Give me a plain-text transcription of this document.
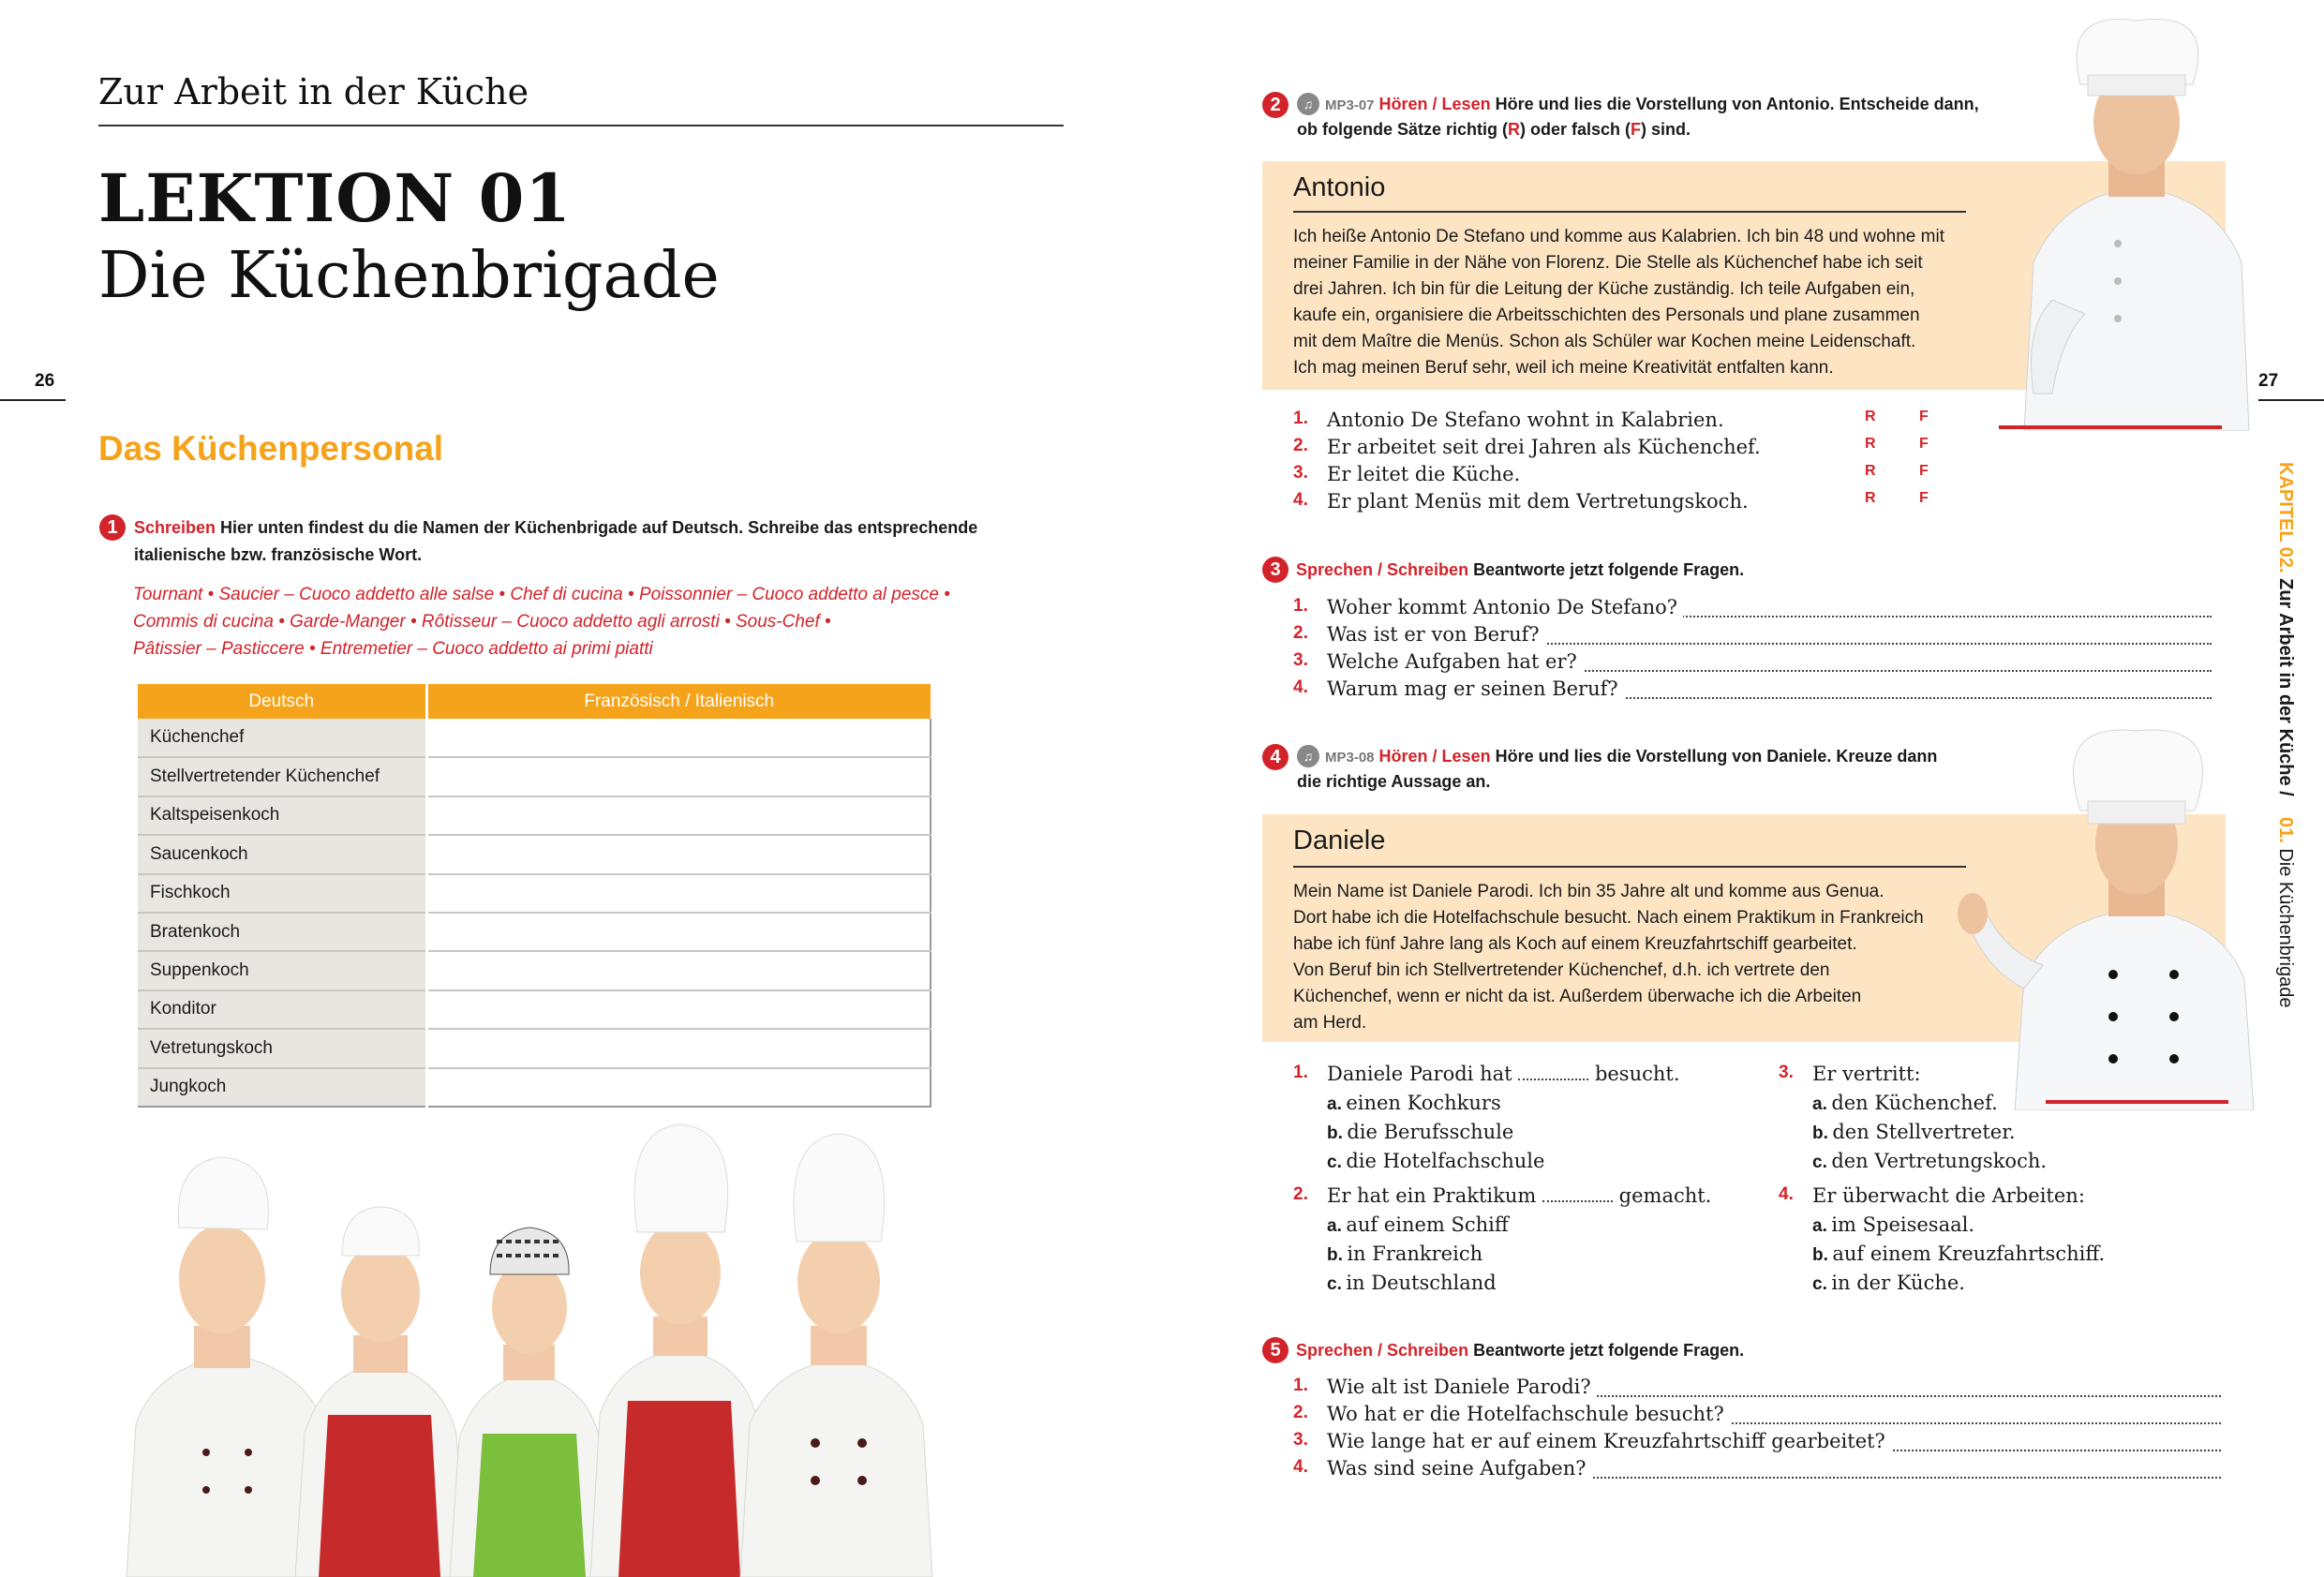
Zur Arbeit in der Küche
LEKTION 01
Die Küchenbrigade
26
Das Küchenpersonal
1 Schreiben Hier unten findest du die Namen der Küchenbrigade auf Deutsch. Schreibe das entsprechende
italienische bzw. französische Wort.
Tournant • Saucier – Cuoco addetto alle salse • Chef di cucina • Poissonnier – Cuoco addetto al pesce •
Commis di cucina • Garde-Manger • Rôtisseur – Cuoco addetto agli arrosti • Sous-Chef •
Pâtissier – Pasticcere • Entremetier – Cuoco addetto ai primi piatti
Deutsch	Französisch / Italienisch
Küchenchef	
Stellvertretender Küchenchef	
Kaltspeisenkoch	
Saucenkoch	
Fischkoch	
Bratenkoch	
Suppenkoch	
Konditor	
Vetretungskoch	
Jungkoch	
27
KAPITEL 02. Zur Arbeit in der Küche /    01. Die Küchenbrigade
2	♫ MP3-07 Hören / Lesen Höre und lies die Vorstellung von Antonio. Entscheide dann,
ob folgende Sätze richtig (R) oder falsch (F) sind.
Antonio
Ich heiße Antonio De Stefano und komme aus Kalabrien. Ich bin 48 und wohne mit
meiner Familie in der Nähe von Florenz. Die Stelle als Küchenchef habe ich seit
drei Jahren. Ich bin für die Leitung der Küche zuständig. Ich teile Aufgaben ein,
kaufe ein, organisiere die Arbeitsschichten des Personals und plane zusammen
mit dem Maître die Menüs. Schon als Schüler war Kochen meine Leidenschaft.
Ich mag meinen Beruf sehr, weil ich meine Kreativität entfalten kann.
1. Antonio De Stefano wohnt in Kalabrien.	R	F
2. Er arbeitet seit drei Jahren als Küchenchef.	R	F
3. Er leitet die Küche.	R	F
4. Er plant Menüs mit dem Vertretungskoch.	R	F
3 Sprechen / Schreiben Beantworte jetzt folgende Fragen.
1. Woher kommt Antonio De Stefano?
2. Was ist er von Beruf?
3. Welche Aufgaben hat er?
4. Warum mag er seinen Beruf?
4	♫ MP3-08 Hören / Lesen Höre und lies die Vorstellung von Daniele. Kreuze dann
die richtige Aussage an.
Daniele
Mein Name ist Daniele Parodi. Ich bin 35 Jahre alt und komme aus Genua.
Dort habe ich die Hotelfachschule besucht. Nach einem Praktikum in Frankreich
habe ich fünf Jahre lang als Koch auf einem Kreuzfahrtschiff gearbeitet.
Von Beruf bin ich Stellvertretender Küchenchef, d.h. ich vertrete den
Küchenchef, wenn er nicht da ist. Außerdem überwache ich die Arbeiten
am Herd.
1. Daniele Parodi hat	besucht.
a. einen Kochkurs
b. die Berufsschule
c. die Hotelfachschule
2. Er hat ein Praktikum	gemacht.
a. auf einem Schiff
b. in Frankreich
c. in Deutschland
3. Er vertritt:
a. den Küchenchef.
b. den Stellvertreter.
c. den Vertretungskoch.
4. Er überwacht die Arbeiten:
a. im Speisesaal.
b. auf einem Kreuzfahrtschiff.
c. in der Küche.
5 Sprechen / Schreiben Beantworte jetzt folgende Fragen.
1. Wie alt ist Daniele Parodi?
2. Wo hat er die Hotelfachschule besucht?
3. Wie lange hat er auf einem Kreuzfahrtschiff gearbeitet?
4. Was sind seine Aufgaben?
